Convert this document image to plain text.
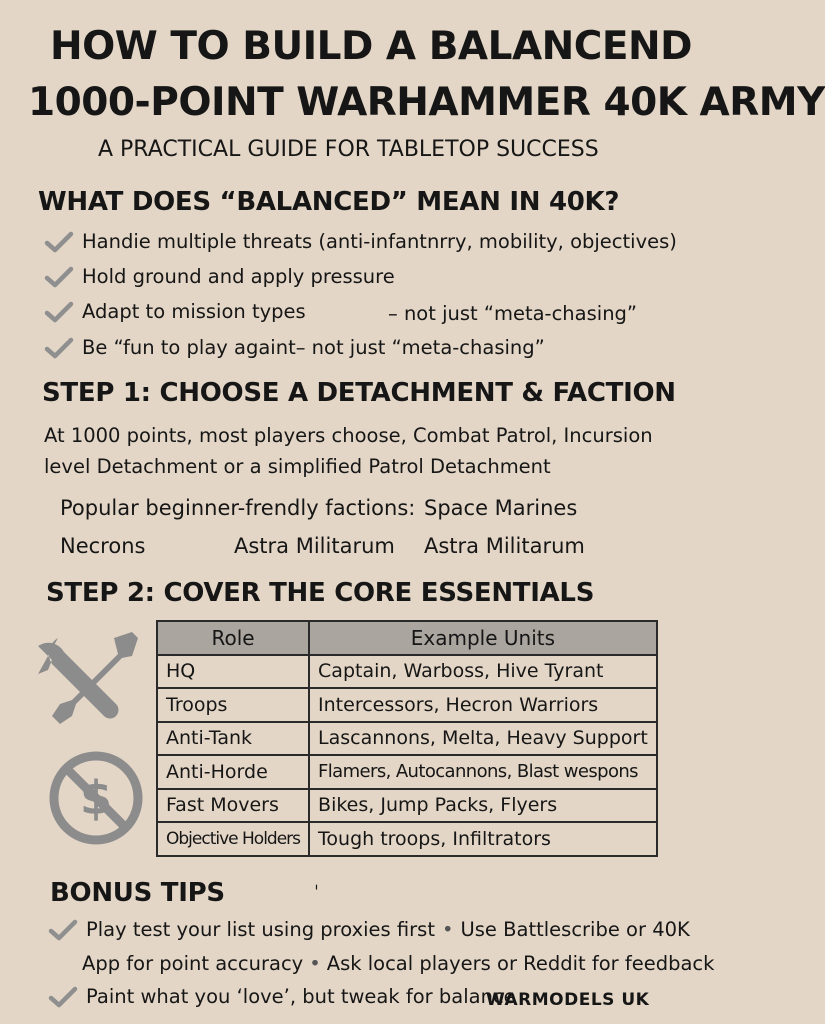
HOW TO BUILD A BALANCEND
1000-POINT WARHAMMER 40K ARMY
A PRACTICAL GUIDE FOR TABLETOP SUCCESS
WHAT DOES “BALANCED” MEAN IN 40K?
Handie multiple threats (anti-infantnrry, mobility, objectives)
Hold ground and apply pressure
Adapt to mission types	– not just “meta-chasing”
Be “fun to play againt– not just “meta-chasing”
STEP 1: CHOOSE A DETACHMENT & FACTION
At 1000 points, most players choose, Combat Patrol, Incursion
level Detachment or a simplified Patrol Detachment
Popular beginner-frendly factions: Space Marines
Necrons	Astra Militarum Astra Militarum
STEP 2: COVER THE CORE ESSENTIALS
$
Role	Example Units
HQ	Captain, Warboss, Hive Tyrant
Troops	Intercessors, Hecron Warriors
Anti-Tank	Lascannons, Melta, Heavy Support
Anti-Horde	Flamers, Autocannons, Blast wespons
Fast Movers	Bikes, Jump Packs, Flyers
Objective Holders	Tough troops, Infiltrators
BONUS TIPS	ˈ
Play test your list using proxies first • Use Battlescribe or 40K
App for point accuracy • Ask local players or Reddit for feedback
Paint what you ‘love’, but tweak for balance
WARMODELS UK
